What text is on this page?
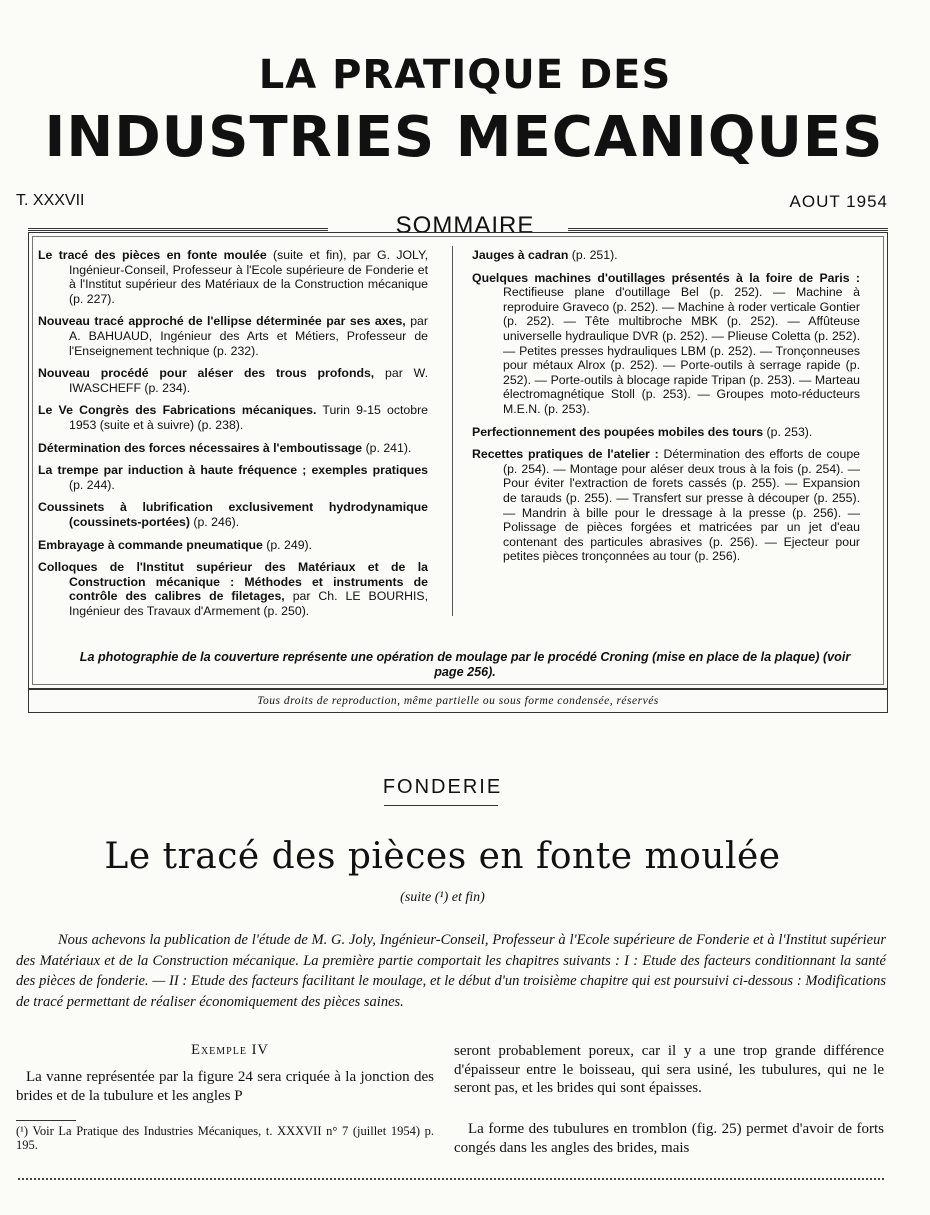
LA PRATIQUE DES
INDUSTRIES MECANIQUES
T. XXXVII	AOUT 1954
SOMMAIRE

Le tracé des pièces en fonte moulée (suite et fin), par G. JOLY, Ingénieur-Conseil, Professeur à l'Ecole supérieure de Fonderie et à l'Institut supérieur des Matériaux de la Construction mécanique (p. 227).

Nouveau tracé approché de l'ellipse déterminée par ses axes, par A. BAHUAUD, Ingénieur des Arts et Métiers, Professeur de l'Enseignement technique (p. 232).

Nouveau procédé pour aléser des trous profonds, par W. IWASCHEFF (p. 234).

Le Ve Congrès des Fabrications mécaniques. Turin 9-15 octobre 1953 (suite et à suivre) (p. 238).

Détermination des forces nécessaires à l'emboutissage (p. 241).

La trempe par induction à haute fréquence ; exemples pratiques (p. 244).

Coussinets à lubrification exclusivement hydrodynamique (coussinets-portées) (p. 246).

Embrayage à commande pneumatique (p. 249).

Colloques de l'Institut supérieur des Matériaux et de la Construction mécanique : Méthodes et instruments de contrôle des calibres de filetages, par Ch. LE BOURHIS, Ingénieur des Travaux d'Armement (p. 250).

Jauges à cadran (p. 251).

Quelques machines d'outillages présentés à la foire de Paris : Rectifieuse plane d'outillage Bel (p. 252). — Machine à reproduire Graveco (p. 252). — Machine à roder verticale Gontier (p. 252). — Tête multibroche MBK (p. 252). — Affûteuse universelle hydraulique DVR (p. 252). — Plieuse Coletta (p. 252). — Petites presses hydrauliques LBM (p. 252). — Tronçonneuses pour métaux Alrox (p. 252). — Porte-outils à serrage rapide (p. 252). — Porte-outils à blocage rapide Tripan (p. 253). — Marteau électromagnétique Stoll (p. 253). — Groupes moto-réducteurs M.E.N. (p. 253).

Perfectionnement des poupées mobiles des tours (p. 253).

Recettes pratiques de l'atelier : Détermination des efforts de coupe (p. 254). — Montage pour aléser deux trous à la fois (p. 254). — Pour éviter l'extraction de forets cassés (p. 255). — Expansion de tarauds (p. 255). — Transfert sur presse à découper (p. 255). — Mandrin à bille pour le dressage à la presse (p. 256). — Polissage de pièces forgées et matricées par un jet d'eau contenant des particules abrasives (p. 256). — Ejecteur pour petites pièces tronçonnées au tour (p. 256).

La photographie de la couverture représente une opération de moulage par le procédé Croning (mise en place de la plaque) (voir page 256).
Tous droits de reproduction, même partielle ou sous forme condensée, réservés
FONDERIE
Le tracé des pièces en fonte moulée
(suite (¹) et fin)
Nous achevons la publication de l'étude de M. G. Joly, Ingénieur-Conseil, Professeur à l'Ecole supérieure de Fonderie et à l'Institut supérieur des Matériaux et de la Construction mécanique. La première partie comportait les chapitres suivants : I : Etude des facteurs conditionnant la santé des pièces de fonderie. — II : Etude des facteurs facilitant le moulage, et le début d'un troisième chapitre qui est poursuivi ci-dessous : Modifications de tracé permettant de réaliser économiquement des pièces saines.
Exemple IV
La vanne représentée par la figure 24 sera criquée à la jonction des brides et de la tubulure et les angles P
(¹) Voir La Pratique des Industries Mécaniques, t. XXXVII n° 7 (juillet 1954) p. 195.
seront probablement poreux, car il y a une trop grande différence d'épaisseur entre le boisseau, qui sera usiné, les tubulures, qui ne le seront pas, et les brides qui sont épaisses.
La forme des tubulures en tromblon (fig. 25) permet d'avoir de forts congés dans les angles des brides, mais
